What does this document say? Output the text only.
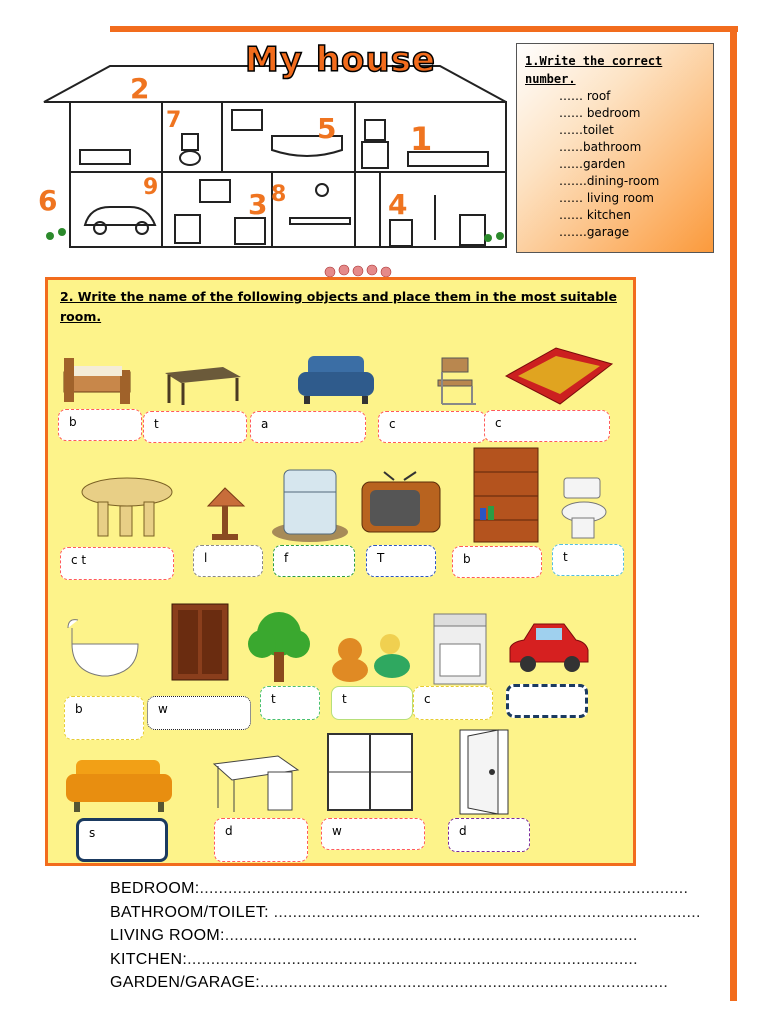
My house
2
7	5 1
6	9
3 8	4
1.Write the correct number.
…… roof
…… bedroom
……toilet
……bathroom
……garden
…….dining-room
…… living room
…… kitchen
…….garage
2. Write the name of the following objects and place them in the most suitable room.
b	t	a	c	c
c t	l	f	T	b	t
b	w
t	t	c
s	d	w	d
BEDROOM:.......................................................................................................
BATHROOM/TOILET: ..........................................................................................
LIVING ROOM:.......................................................................................
KITCHEN:...............................................................................................
GARDEN/GARAGE:......................................................................................
